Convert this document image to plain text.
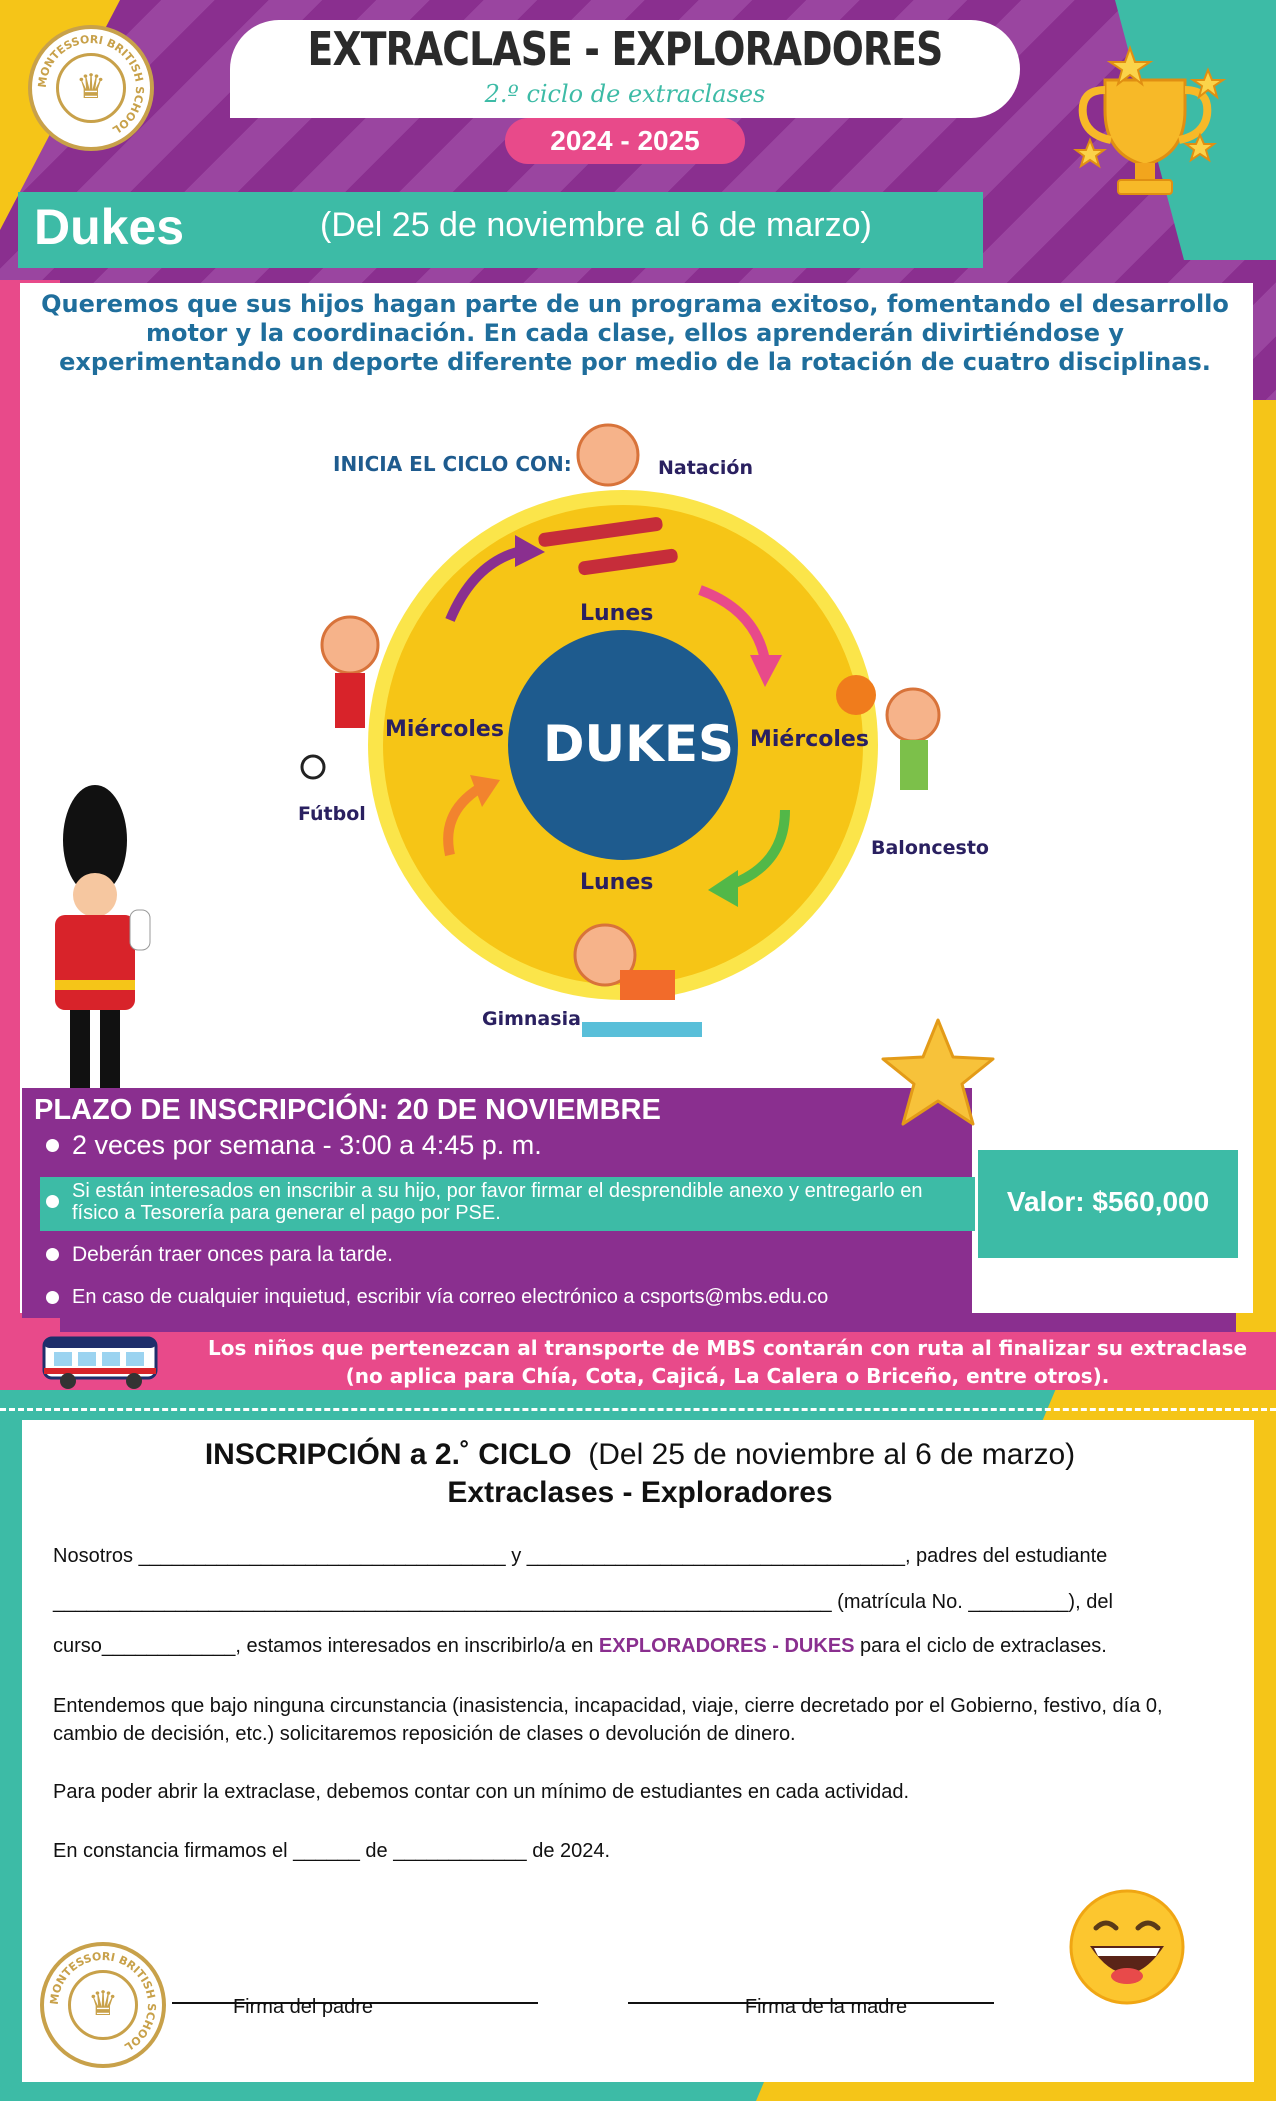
EXTRACLASE - EXPLORADORES
2.º ciclo de extraclases
2024 - 2025
MONTESSORI BRITISH SCHOOL
♛
Dukes	(Del 25 de noviembre al 6 de marzo)
Queremos que sus hijos hagan parte de un programa exitoso, fomentando el desarrollo motor y la coordinación. En cada clase, ellos aprenderán divirtiéndose y experimentando un deporte diferente por medio de la rotación de cuatro disciplinas.
INICIA EL CICLO CON:
DUKES
Lunes
Miércoles
Lunes
Miércoles
Natación
Baloncesto
Gimnasia
Fútbol
PLAZO DE INSCRIPCIÓN: 20 DE NOVIEMBRE
2 veces por semana - 3:00 a 4:45 p. m.
Si están interesados en inscribir a su hijo, por favor firmar el desprendible anexo y entregarlo en físico a Tesorería para generar el pago por PSE.
Deberán traer onces para la tarde.
En caso de cualquier inquietud, escribir vía correo electrónico a csports@mbs.edu.co
Valor: $560,000
Los niños que pertenezcan al transporte de MBS contarán con ruta al finalizar su extraclase
(no aplica para Chía, Cota, Cajicá, La Calera o Briceño, entre otros).
INSCRIPCIÓN a 2.˚ CICLO (Del 25 de noviembre al 6 de marzo)
Extraclases - Exploradores
Nosotros _________________________________ y __________________________________, padres del estudiante
______________________________________________________________________ (matrícula No. _________), del
curso____________, estamos interesados en inscribirlo/a en EXPLORADORES - DUKES para el ciclo de extraclases.
Entendemos que bajo ninguna circunstancia (inasistencia, incapacidad, viaje, cierre decretado por el Gobierno, festivo, día 0, cambio de decisión, etc.) solicitaremos reposición de clases o devolución de dinero.
Para poder abrir la extraclase, debemos contar con un mínimo de estudiantes en cada actividad.
En constancia firmamos el ______ de ____________ de 2024.
MONTESSORI BRITISH SCHOOL
♛	Firma del padre	Firma de la madre
